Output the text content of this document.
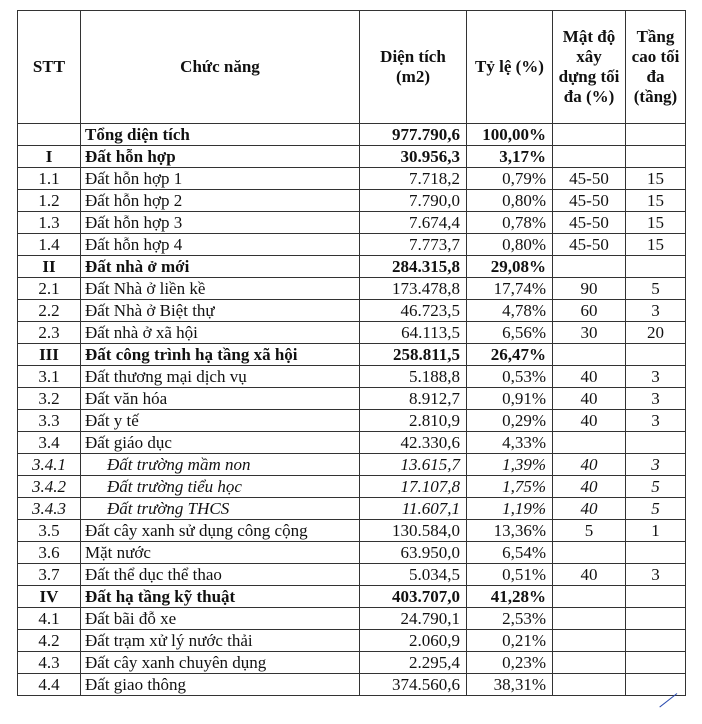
STT	Chức năng	Diện tích (m2)	Tỷ lệ (%)	Mật độ xây dựng tối đa (%)	Tầng cao tối đa (tầng)
	Tổng diện tích	977.790,6	100,00%		
I	Đất hỗn hợp	30.956,3	3,17%		
1.1	Đất hỗn hợp 1	7.718,2	0,79%	45-50	15
1.2	Đất hỗn hợp 2	7.790,0	0,80%	45-50	15
1.3	Đất hỗn hợp 3	7.674,4	0,78%	45-50	15
1.4	Đất hỗn hợp 4	7.773,7	0,80%	45-50	15
II	Đất nhà ở mới	284.315,8	29,08%		
2.1	Đất Nhà ở liền kề	173.478,8	17,74%	90	5
2.2	Đất Nhà ở Biệt thự	46.723,5	4,78%	60	3
2.3	Đất nhà ở xã hội	64.113,5	6,56%	30	20
III	Đất công trình hạ tầng xã hội	258.811,5	26,47%		
3.1	Đất thương mại dịch vụ	5.188,8	0,53%	40	3
3.2	Đất văn hóa	8.912,7	0,91%	40	3
3.3	Đất y tế	2.810,9	0,29%	40	3
3.4	Đất giáo dục	42.330,6	4,33%		
3.4.1	Đất trường mầm non	13.615,7	1,39%	40	3
3.4.2	Đất trường tiểu học	17.107,8	1,75%	40	5
3.4.3	Đất trường THCS	11.607,1	1,19%	40	5
3.5	Đất cây xanh sử dụng công cộng	130.584,0	13,36%	5	1
3.6	Mặt nước	63.950,0	6,54%		
3.7	Đất thể dục thể thao	5.034,5	0,51%	40	3
IV	Đất hạ tầng kỹ thuật	403.707,0	41,28%		
4.1	Đất bãi đỗ xe	24.790,1	2,53%		
4.2	Đất trạm xử lý nước thải	2.060,9	0,21%		
4.3	Đất cây xanh chuyên dụng	2.295,4	0,23%		
4.4	Đất giao thông	374.560,6	38,31%		
